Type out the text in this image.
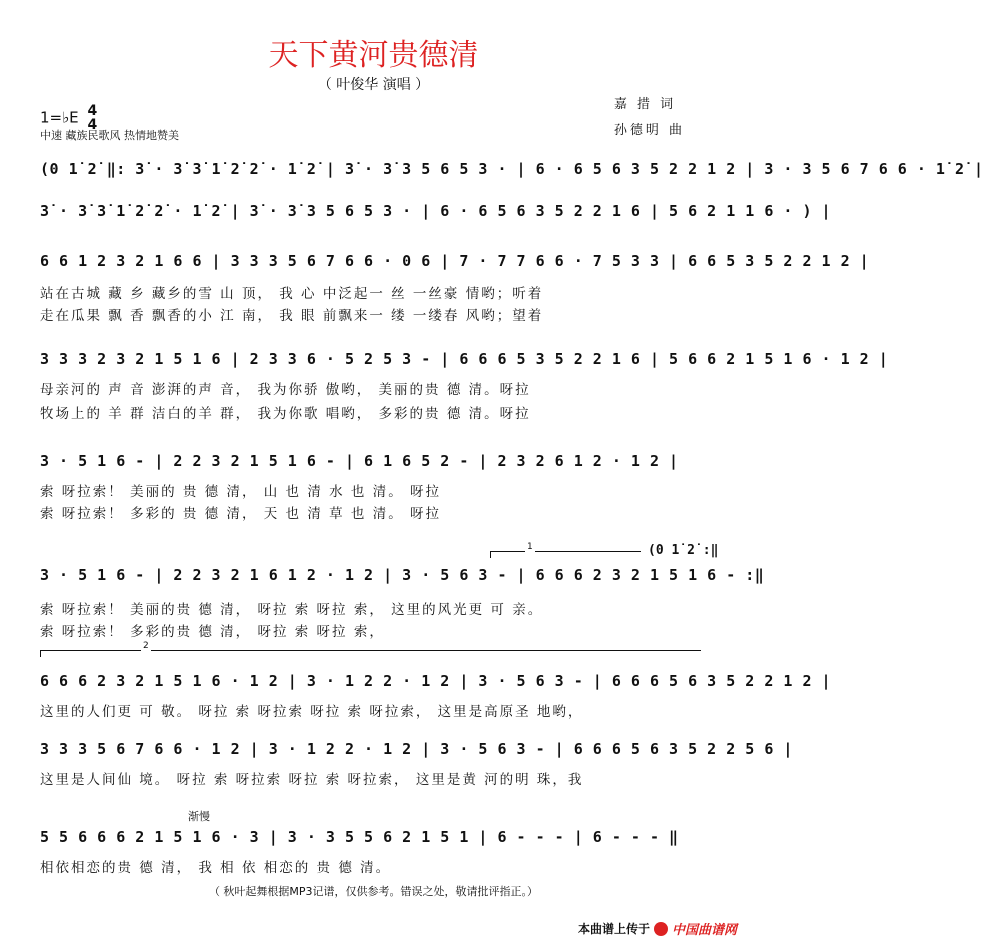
天下黄河贵德清
（ 叶俊华 演唱 ）
1=♭E 4
4
中速 藏族民歌风 热情地赞美
嘉 措 词
孙德明 曲
(0 1̇ 2̇ ‖: 3̇ · 3̇ 3̇ 1̇ 2̇ 2̇ · 1̇ 2̇ | 3̇ · 3̇ 3 5 6 5 3 · | 6 · 6 5 6 3 5 2 2 1 2 | 3 · 3 5 6 7 6 6 · 1̇ 2̇ |
3̇ · 3̇ 3̇ 1̇ 2̇ 2̇ · 1̇ 2̇ | 3̇ · 3̇ 3 5 6 5 3 · | 6 · 6 5 6 3 5 2 2 1 6 | 5 6 2 1 1 6 · ) |
6 6 1 2 3 2 1 6 6 | 3 3 3 5 6 7 6 6 · 0 6 | 7 · 7 7 6 6 · 7 5 3 3 | 6 6 5 3 5 2 2 1 2 |
站在古城 藏 乡 藏乡的雪 山 顶， 我 心 中泛起一 丝 一丝豪 情哟；听着
走在瓜果 飘 香 飘香的小 江 南， 我 眼 前飘来一 缕 一缕春 风哟；望着
3 3 3 2 3 2 1 5 1 6 | 2 3 3 6 · 5 2 5 3 - | 6 6 6 5 3 5 2 2 1 6 | 5 6 6 2 1 5 1 6 · 1 2 |
母亲河的 声 音 澎湃的声 音， 我为你骄 傲哟， 美丽的贵 德 清。呀拉
牧场上的 羊 群 洁白的羊 群， 我为你歌 唱哟， 多彩的贵 德 清。呀拉
3 · 5 1 6 - | 2 2 3 2 1 5 1 6 - | 6 1 6 5 2 - | 2 3 2 6 1 2 · 1 2 |
索 呀拉索！ 美丽的 贵 德 清， 山 也 清 水 也 清。 呀拉
索 呀拉索！ 多彩的 贵 德 清， 天 也 清 草 也 清。 呀拉
1	(0 1̇ 2̇ :‖
3 · 5 1 6 - | 2 2 3 2 1 6 1 2 · 1 2 | 3 · 5 6 3 - | 6 6 6 2 3 2 1 5 1 6 - :‖
索 呀拉索！ 美丽的贵 德 清， 呀拉 索 呀拉 索， 这里的风光更 可 亲。
索 呀拉索！ 多彩的贵 德 清， 呀拉 索 呀拉 索，
2
6 6 6 2 3 2 1 5 1 6 · 1 2 | 3 · 1 2 2 · 1 2 | 3 · 5 6 3 - | 6 6 6 5 6 3 5 2 2 1 2 |
这里的人们更 可 敬。 呀拉 索 呀拉索 呀拉 索 呀拉索， 这里是高原圣 地哟，
3 3 3 5 6 7 6 6 · 1 2 | 3 · 1 2 2 · 1 2 | 3 · 5 6 3 - | 6 6 6 5 6 3 5 2 2 5 6 |
这里是人间仙 境。 呀拉 索 呀拉索 呀拉 索 呀拉索， 这里是黄 河的明 珠，我
渐慢
5 5 6 6 6 2 1 5 1 6 · 3 | 3 · 3 5 5 6 2 1 5 1 | 6 - - - | 6 - - - ‖
相依相恋的贵 德 清， 我 相 依 相恋的 贵 德 清。
（ 秋叶起舞根据MP3记谱，仅供参考。错误之处，敬请批评指正。）
本曲谱上传于 中国曲谱网
